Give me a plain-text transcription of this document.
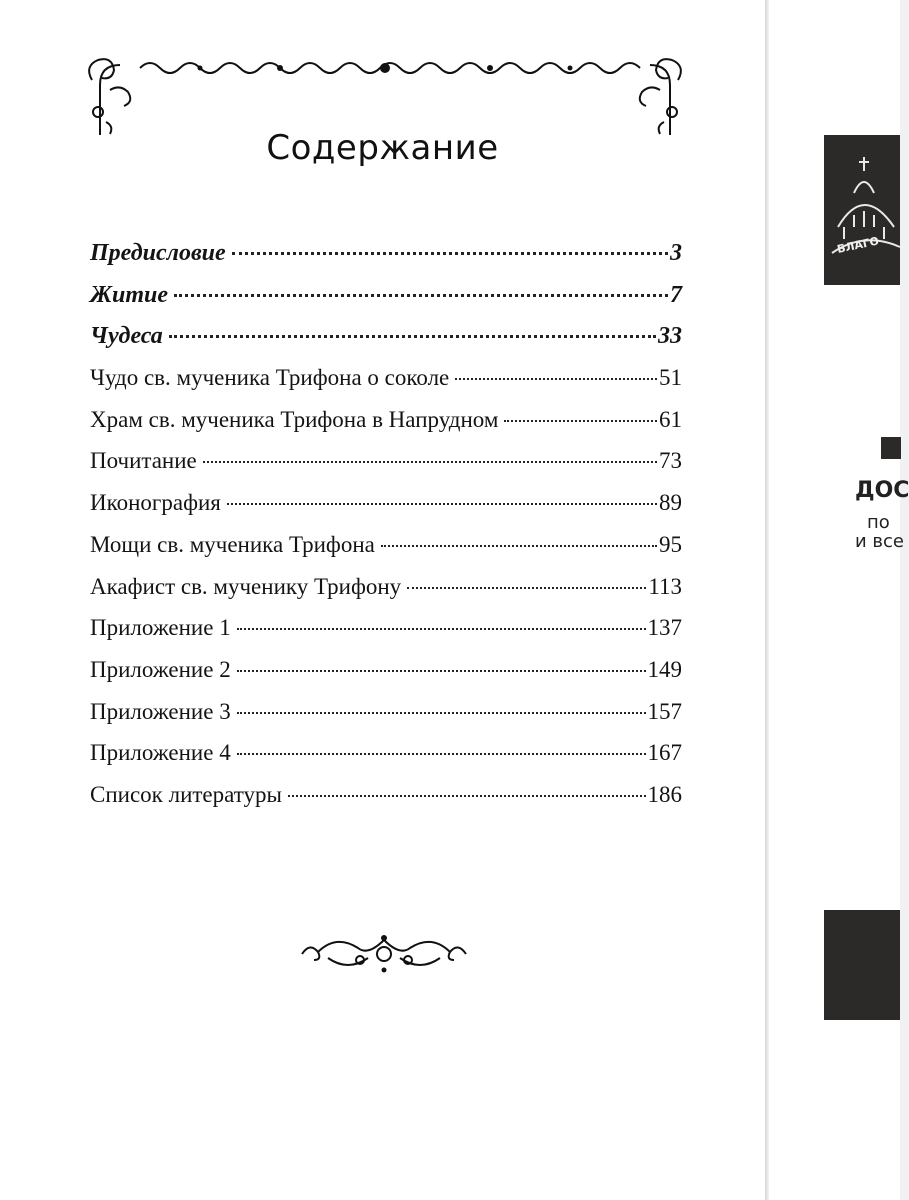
Содержание
Предисловие	3
Житие	7
Чудеса	33
Чудо св. мученика Трифона о соколе	51
Храм св. мученика Трифона в Напрудном	61
Почитание	73
Иконография	89
Мощи св. мученика Трифона	95
Акафист св. мученику Трифону	113
Приложение 1	137
Приложение 2	149
Приложение 3	157
Приложение 4	167
Список литературы	186
БЛАГО
ДОС
по
и все
